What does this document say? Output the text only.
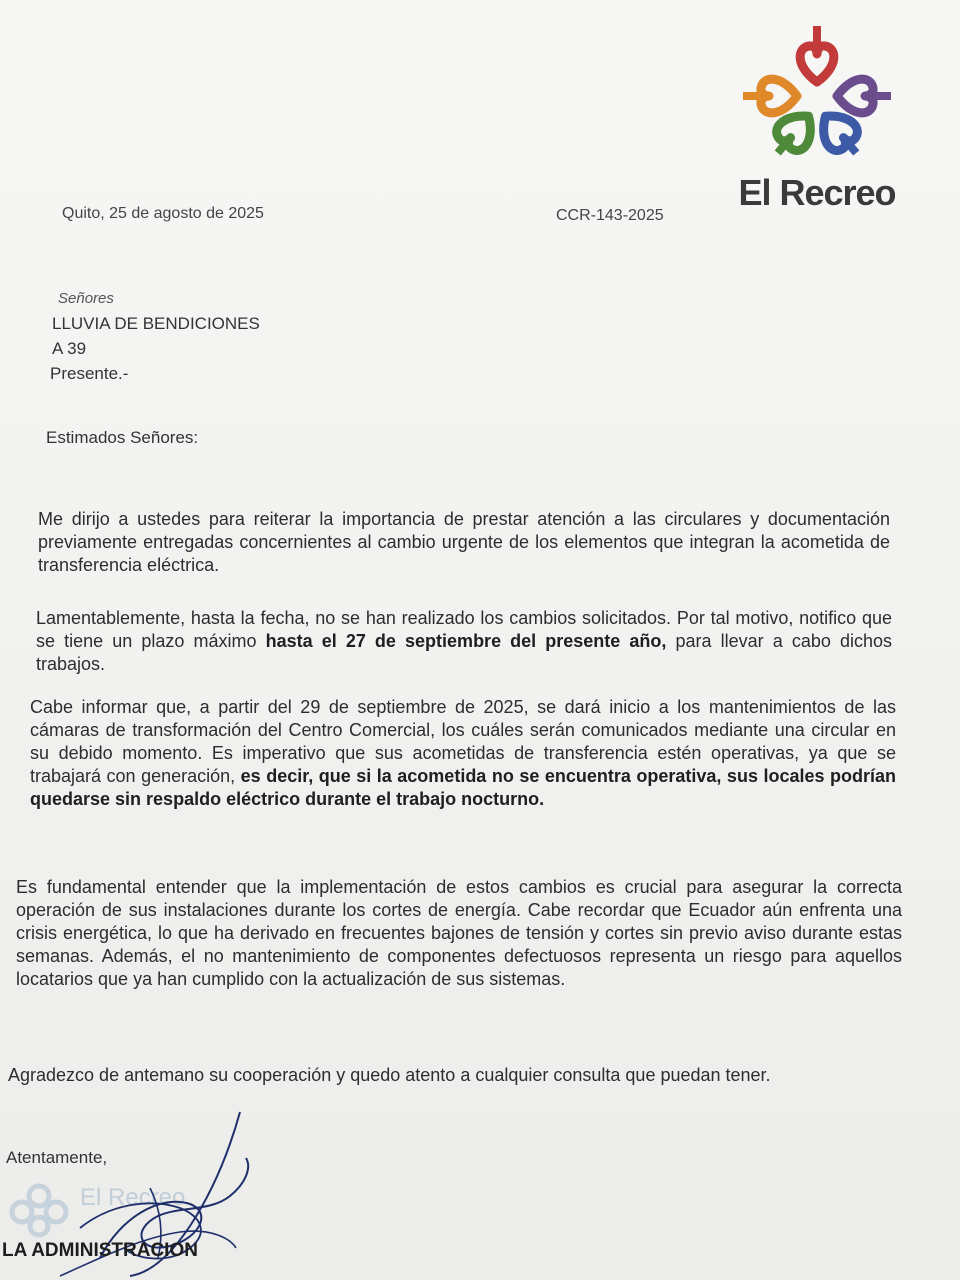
El Recreo
Quito, 25 de agosto de 2025	CCR-143-2025
Señores
LLUVIA DE BENDICIONES
A 39
Presente.-
Estimados Señores:
Me dirijo a ustedes para reiterar la importancia de prestar atención a las circulares y documentación previamente entregadas concernientes al cambio urgente de los elementos que integran la acometida de transferencia eléctrica.
Lamentablemente, hasta la fecha, no se han realizado los cambios solicitados. Por tal motivo, notifico que se tiene un plazo máximo hasta el 27 de septiembre del presente año, para llevar a cabo dichos trabajos.
Cabe informar que, a partir del 29 de septiembre de 2025, se dará inicio a los mantenimientos de las cámaras de transformación del Centro Comercial, los cuáles serán comunicados mediante una circular en su debido momento. Es imperativo que sus acometidas de transferencia estén operativas, ya que se trabajará con generación, es decir, que si la acometida no se encuentra operativa, sus locales podrían quedarse sin respaldo eléctrico durante el trabajo nocturno.
Es fundamental entender que la implementación de estos cambios es crucial para asegurar la correcta operación de sus instalaciones durante los cortes de energía. Cabe recordar que Ecuador aún enfrenta una crisis energética, lo que ha derivado en frecuentes bajones de tensión y cortes sin previo aviso durante estas semanas. Además, el no mantenimiento de componentes defectuosos representa un riesgo para aquellos locatarios que ya han cumplido con la actualización de sus sistemas.
Agradezco de antemano su cooperación y quedo atento a cualquier consulta que puedan tener.
Atentamente,
El Recreo
LA ADMINISTRACION
